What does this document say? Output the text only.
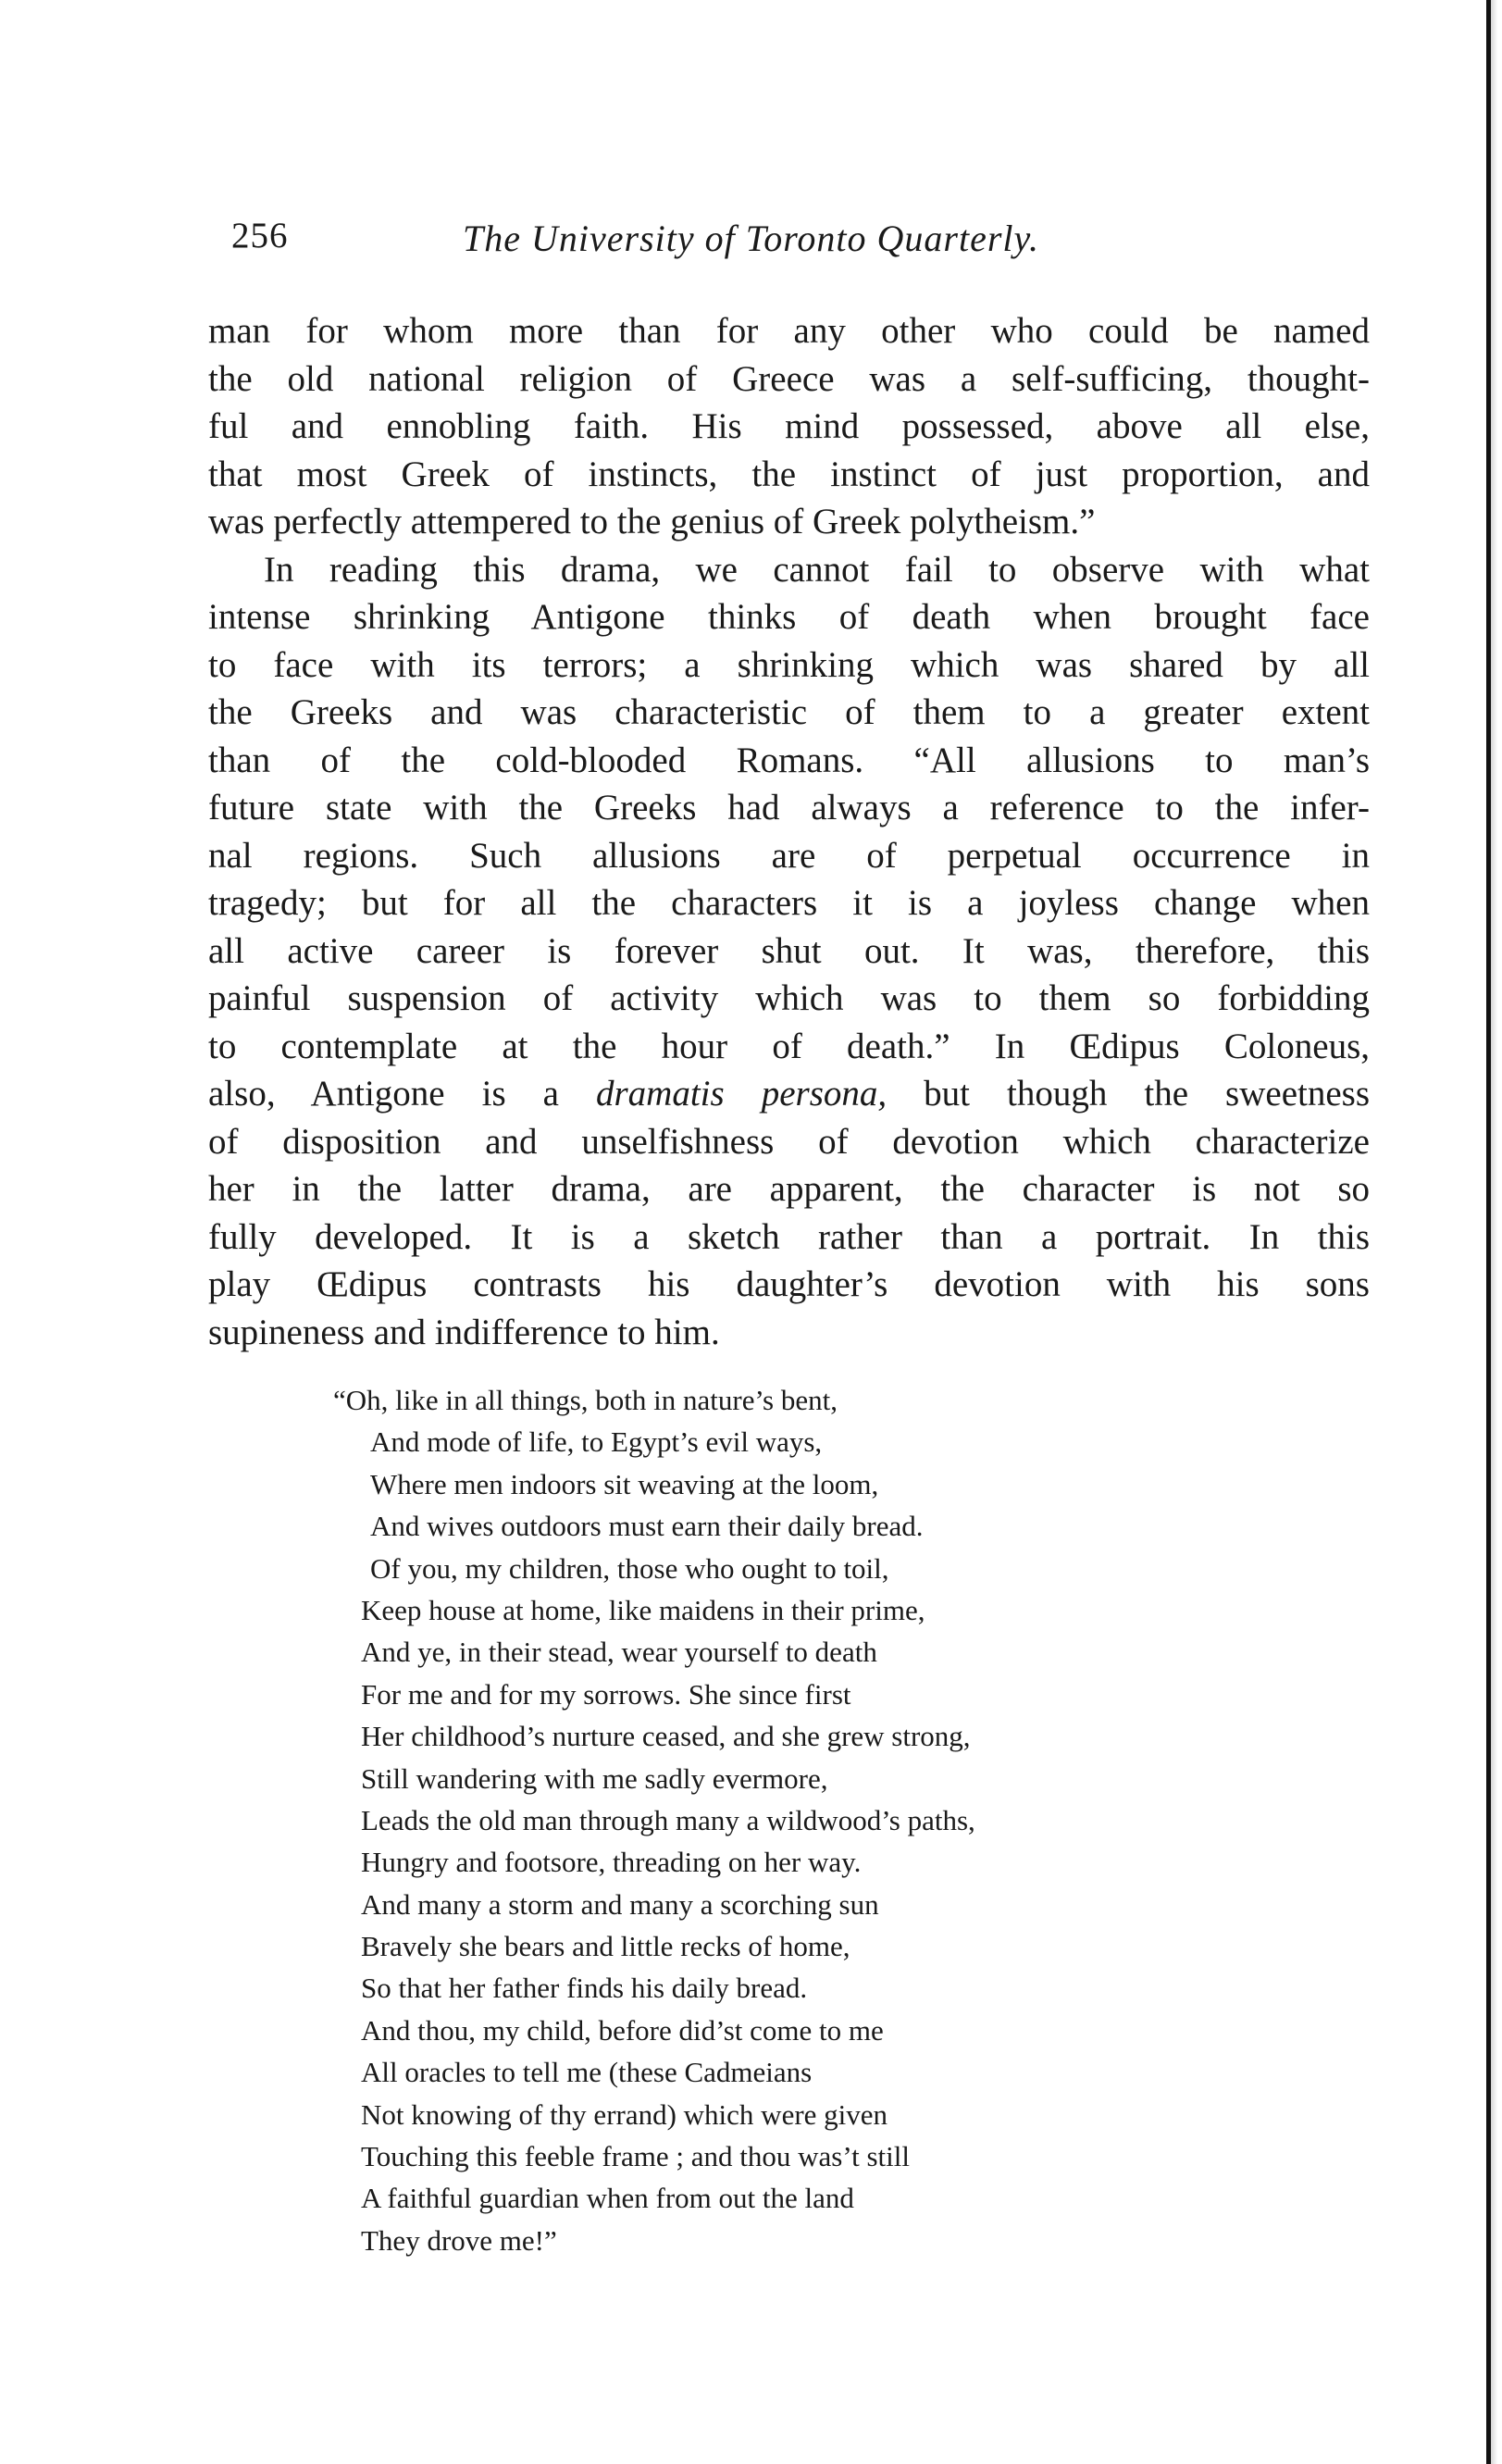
256	The University of Toronto Quarterly.
man for whom more than for any other who could be named
the old national religion of Greece was a self-sufficing, thought-
ful and ennobling faith. His mind possessed, above all else,
that most Greek of instincts, the instinct of just proportion, and
was perfectly attempered to the genius of Greek polytheism.”
In reading this drama, we cannot fail to observe with what
intense shrinking Antigone thinks of death when brought face
to face with its terrors; a shrinking which was shared by all
the Greeks and was characteristic of them to a greater extent
than of the cold-blooded Romans. “All allusions to man’s
future state with the Greeks had always a reference to the infer-
nal regions. Such allusions are of perpetual occurrence in
tragedy; but for all the characters it is a joyless change when
all active career is forever shut out. It was, therefore, this
painful suspension of activity which was to them so forbidding
to contemplate at the hour of death.” In Œdipus Coloneus,
also, Antigone is a dramatis persona, but though the sweetness
of disposition and unselfishness of devotion which characterize
her in the latter drama, are apparent, the character is not so
fully developed. It is a sketch rather than a portrait. In this
play Œdipus contrasts his daughter’s devotion with his sons
supineness and indifference to him.
“Oh, like in all things, both in nature’s bent,
And mode of life, to Egypt’s evil ways,
Where men indoors sit weaving at the loom,
And wives outdoors must earn their daily bread.
Of you, my children, those who ought to toil,
Keep house at home, like maidens in their prime,
And ye, in their stead, wear yourself to death
For me and for my sorrows. She since first
Her childhood’s nurture ceased, and she grew strong,
Still wandering with me sadly evermore,
Leads the old man through many a wildwood’s paths,
Hungry and footsore, threading on her way.
And many a storm and many a scorching sun
Bravely she bears and little recks of home,
So that her father finds his daily bread.
And thou, my child, before did’st come to me
All oracles to tell me (these Cadmeians
Not knowing of thy errand) which were given
Touching this feeble frame ; and thou was’t still
A faithful guardian when from out the land
They drove me!”
